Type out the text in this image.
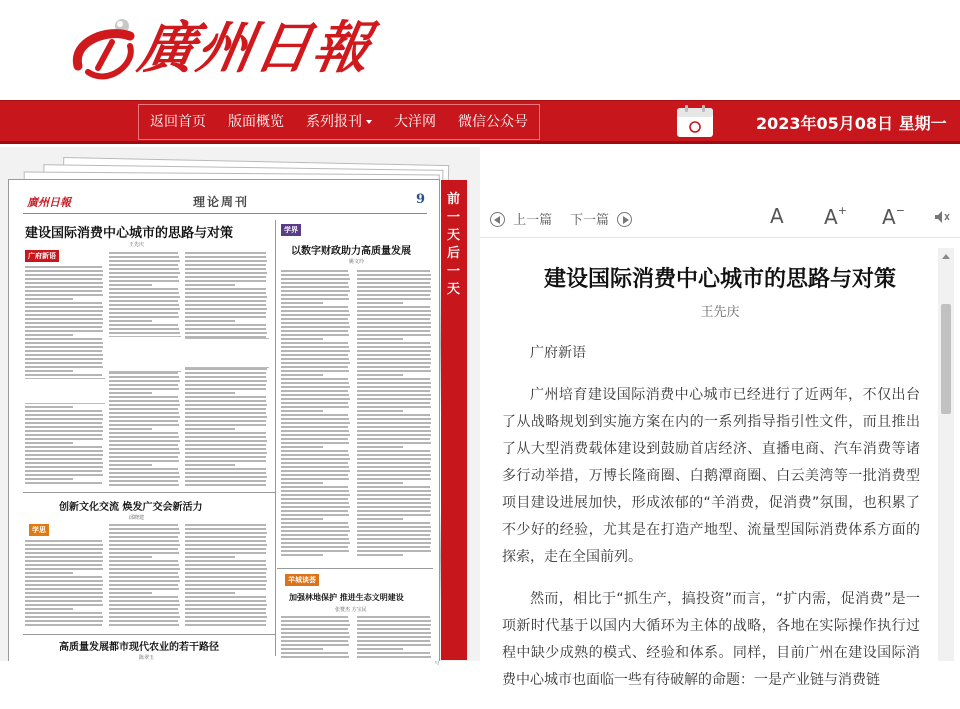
廣州日報
返回首页	版面概览	系列报刊	大洋网	微信公众号	2023年05月08日 星期一
廣州日報	理论周刊	9
建设国际消费中心城市的思路与对策
王先庆
广府新语
学界
以数字财政助力高质量发展
姚文玲
创新文化交流 焕发广交会新活力
邱晓建
学思
高质量发展都市现代农业的若干路径
陈翠玉
羊城谈荟
加强林地保护 推进生态文明建设
张赞杰 方宝民
前
一
天
后
一
天
上一篇 下一篇	A A+ A−
建设国际消费中心城市的思路与对策
王先庆

广府新语

广州培育建设国际消费中心城市已经进行了近两年，不仅出台了从战略规划到实施方案在内的一系列指导指引性文件，而且推出了从大型消费载体建设到鼓励首店经济、直播电商、汽车消费等诸多行动举措，万博长隆商圈、白鹅潭商圈、白云美湾等一批消费型项目建设进展加快，形成浓郁的“羊消费，促消费”氛围，也积累了不少好的经验，尤其是在打造产地型、流量型国际消费体系方面的探索，走在全国前列。

然而，相比于“抓生产，搞投资”而言，“扩内需，促消费”是一项新时代基于以国内大循环为主体的战略，各地在实际操作执行过程中缺少成熟的模式、经验和体系。同样，目前广州在建设国际消费中心城市也面临一些有待破解的命题：一是产业链与消费链
